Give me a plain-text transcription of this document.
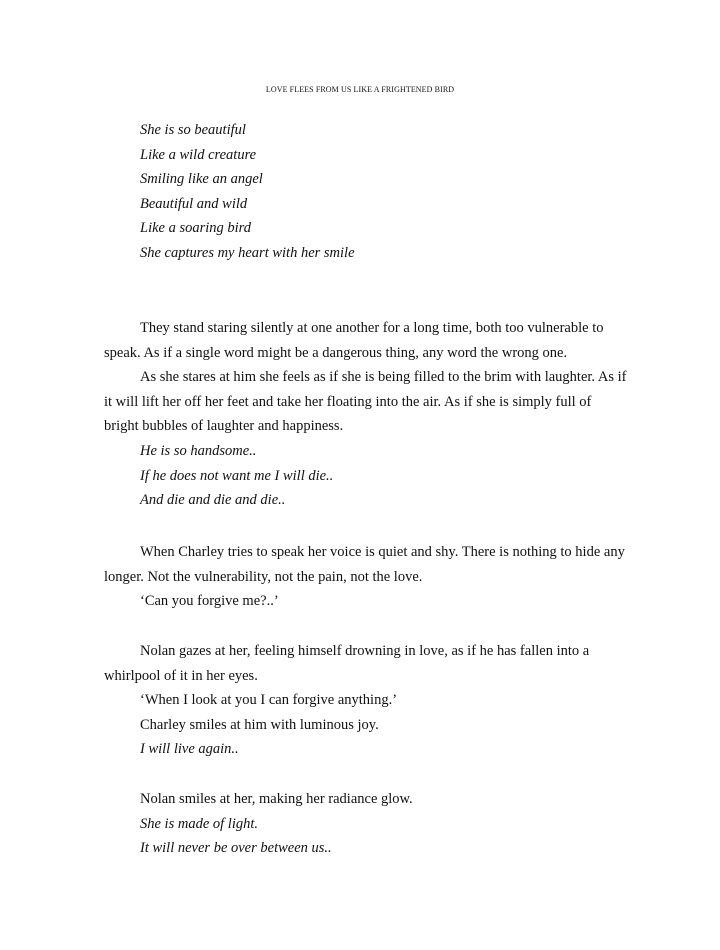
LOVE FLEES FROM US LIKE A FRIGHTENED BIRD
She is so beautiful
Like a wild creature
Smiling like an angel
Beautiful and wild
Like a soaring bird
She captures my heart with her smile
They stand staring silently at one another for a long time, both too vulnerable to
speak. As if a single word might be a dangerous thing, any word the wrong one.
As she stares at him she feels as if she is being filled to the brim with laughter. As if
it will lift her off her feet and take her floating into the air. As if she is simply full of
bright bubbles of laughter and happiness.
He is so handsome..
If he does not want me I will die..
And die and die and die..
When Charley tries to speak her voice is quiet and shy. There is nothing to hide any
longer. Not the vulnerability, not the pain, not the love.
‘Can you forgive me?..’
Nolan gazes at her, feeling himself drowning in love, as if he has fallen into a
whirlpool of it in her eyes.
‘When I look at you I can forgive anything.’
Charley smiles at him with luminous joy.
I will live again..
Nolan smiles at her, making her radiance glow.
She is made of light.
It will never be over between us..
